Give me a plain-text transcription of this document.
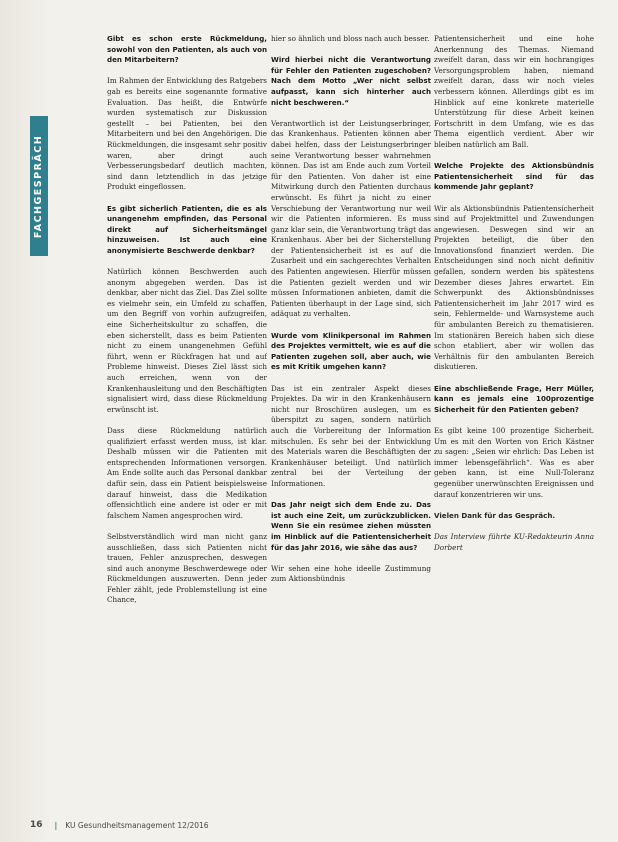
FACHGESPRÄCH

Gibt es schon erste Rückmeldung, sowohl von den Patienten, als auch von den Mitarbeitern?

Im Rahmen der Entwicklung des Ratgebers gab es bereits eine sogenannte formative Evaluation. Das heißt, die Entwürfe wurden systematisch zur Diskussion gestellt – bei Patienten, bei den Mitarbeitern und bei den Angehörigen. Die Rückmeldungen, die insgesamt sehr positiv waren, aber dringt auch Verbesserungsbedarf deutlich machten, sind dann letztendlich in das jetzige Produkt eingeflossen.

Es gibt sicherlich Patienten, die es als unangenehm empfinden, das Personal direkt auf Sicherheitsmängel hinzuweisen. Ist auch eine anonymisierte Beschwerde denkbar?

Natürlich können Beschwerden auch anonym abgegeben werden. Das ist denkbar, aber nicht das Ziel. Das Ziel sollte es vielmehr sein, ein Umfeld zu schaffen, um den Begriff von vorhin aufzugreifen, eine Sicherheitskultur zu schaffen, die eben sicherstellt, dass es beim Patienten nicht zu einem unangenehmen Gefühl führt, wenn er Rückfragen hat und auf Probleme hinweist. Dieses Ziel lässt sich auch erreichen, wenn von der Krankenhausleitung und den Beschäftigten signalisiert wird, dass diese Rückmeldung erwünscht ist.

Dass diese Rückmeldung natürlich qualifiziert erfasst werden muss, ist klar. Deshalb müssen wir die Patienten mit entsprechenden Informationen versorgen. Am Ende sollte auch das Personal dankbar dafür sein, dass ein Patient beispielsweise darauf hinweist, dass die Medikation offensichtlich eine andere ist oder er mit falschem Namen angesprochen wird.

Selbstverständlich wird man nicht ganz ausschließen, dass sich Patienten nicht trauen, Fehler anzusprechen, deswegen sind auch anonyme Beschwerdewege oder Rückmeldungen auszuwerten. Denn jeder Fehler zählt, jede Problemstellung ist eine Chance,

hier so ähnlich und bloss nach auch besser.

Wird hierbei nicht die Verantwortung für Fehler den Patienten zugeschoben? Nach dem Motto „Wer nicht selbst aufpasst, kann sich hinterher auch nicht beschweren.“

Verantwortlich ist der Leistungserbringer, das Krankenhaus. Patienten können aber dabei helfen, dass der Leistungserbringer seine Verantwortung besser wahrnehmen können. Das ist am Ende auch zum Vorteil für den Patienten. Von daher ist eine Mitwirkung durch den Patienten durchaus erwünscht. Es führt ja nicht zu einer Verschiebung der Verantwortung nur weil wir die Patienten informieren. Es muss ganz klar sein, die Verantwortung trägt das Krankenhaus. Aber bei der Sicherstellung der Patientensicherheit ist es auf die Zusarbeit und ein sachgerechtes Verhalten des Patienten angewiesen. Hierfür müssen die Patienten gezielt werden und wir müssen Informationen anbieten, damit die Patienten überhaupt in der Lage sind, sich adäquat zu verhalten.

Wurde vom Klinikpersonal im Rahmen des Projektes vermittelt, wie es auf die Patienten zugehen soll, aber auch, wie es mit Kritik umgehen kann?

Das ist ein zentraler Aspekt dieses Projektes. Da wir in den Krankenhäusern nicht nur Broschüren auslegen, um es überspitzt zu sagen, sondern natürlich auch die Vorbereitung der Information mitschulen. Es sehr bei der Entwicklung des Materials waren die Beschäftigten der Krankenhäuser beteiligt. Und natürlich zentral bei der Verteilung der Informationen.

Das Jahr neigt sich dem Ende zu. Das ist auch eine Zeit, um zurückzublicken. Wenn Sie ein resümee ziehen müssten im Hinblick auf die Patientensicherheit für das Jahr 2016, wie sähe das aus?

Wir sehen eine hohe ideelle Zustimmung zum Aktionsbündnis

Patientensicherheit und eine hohe Anerkennung des Themas. Niemand zweifelt daran, dass wir ein hochrangiges Versorgungsproblem haben, niemand zweifelt daran, dass wir noch vieles verbessern können. Allerdings gibt es im Hinblick auf eine konkrete materielle Unterstützung für diese Arbeit keinen Fortschritt in dem Umfang, wie es das Thema eigentlich verdient. Aber wir bleiben natürlich am Ball.

Welche Projekte des Aktionsbündnis Patientensicherheit sind für das kommende Jahr geplant?

Wir als Aktionsbündnis Patientensicherheit sind auf Projektmittel und Zuwendungen angewiesen. Deswegen sind wir an Projekten beteiligt, die über den Innovationsfond finanziert werden. Die Entscheidungen sind noch nicht definitiv gefallen, sondern werden bis spätestens Dezember dieses Jahres erwartet. Ein Schwerpunkt des Aktionsbündnisses Patientensicherheit im Jahr 2017 wird es sein, Fehlermelde- und Warnsysteme auch für ambulanten Bereich zu thematisieren. Im stationären Bereich haben sich diese schon etabliert, aber wir wollen das Verhältnis für den ambulanten Bereich diskutieren.

Eine abschließende Frage, Herr Müller, kann es jemals eine 100prozentige Sicherheit für den Patienten geben?

Es gibt keine 100 prozentige Sicherheit. Um es mit den Worten von Erich Kästner zu sagen: „Seien wir ehrlich: Das Leben ist immer lebensgefährlich“. Was es aber geben kann, ist eine Null-Toleranz gegenüber unerwünschten Ereignissen und darauf konzentrieren wir uns.

Vielen Dank für das Gespräch.

Das Interview führte KU-Redakteurin Anna Dorbert

16 | KU Gesundheitsmanagement 12/2016
